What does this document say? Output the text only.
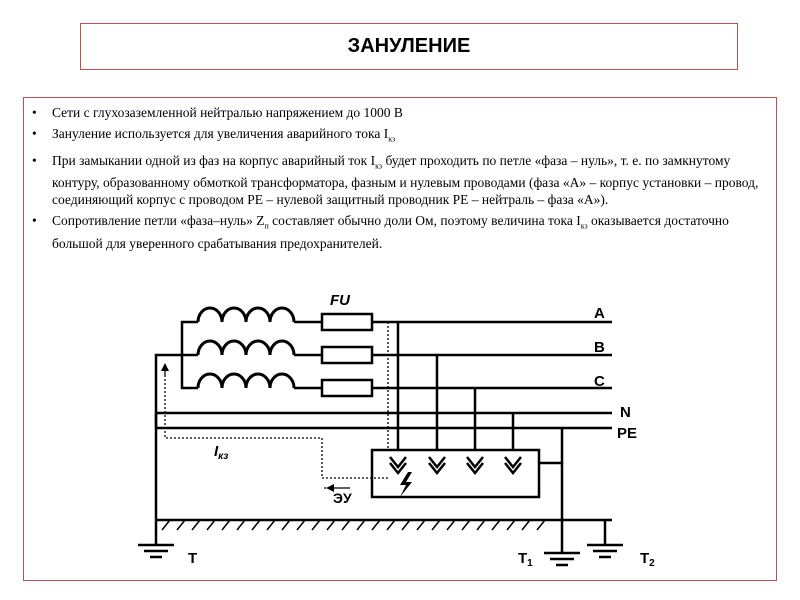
ЗАНУЛЕНИЕ
• Сети с глухозаземленной нейтралью напряжением до 1000 В
• Зануление используется для увеличения аварийного тока $I_{кз}$
• При замыкании одной из фаз на корпус аварийный ток $I_{кз}$ будет проходить по петле «фаза – нуль», т. е. по замкнутому контуру, образованному обмоткой трансформатора, фазным и нулевым проводами (фаза «А» – корпус установки – провод, соединяющий корпус с проводом РЕ – нулевой защитный проводник РЕ – нейтраль – фаза «А»).
• Сопротивление петли «фаза–нуль» $Z_п$ составляет обычно доли Ом, поэтому величина тока $I_{кз}$ оказывается достаточно большой для уверенного срабатывания предохранителей.
FU
A
B
C
N
PE
$I_{кз}$
ЭУ
T	$T_1$	$T_2$
